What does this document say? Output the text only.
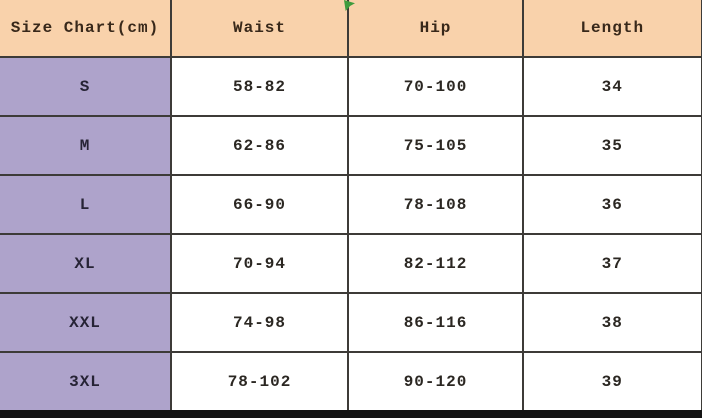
Size Chart(cm)	Waist	Hip	Length
S	58-82	70-100	34
M	62-86	75-105	35
L	66-90	78-108	36
XL	70-94	82-112	37
XXL	74-98	86-116	38
3XL	78-102	90-120	39
